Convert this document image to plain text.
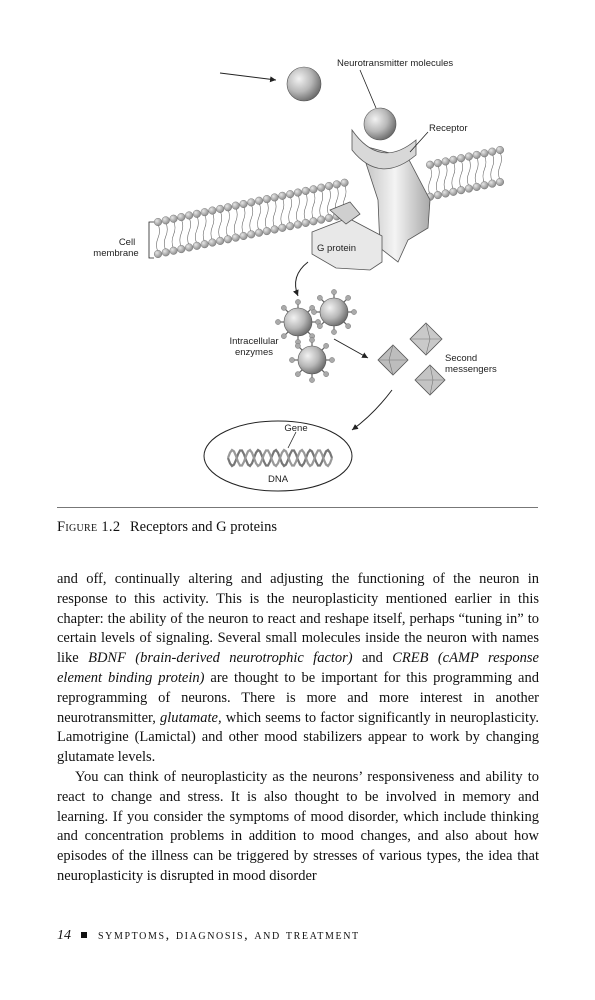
Neurotransmitter molecules
Receptor
Cell
membrane	G protein
Intracellular
enzymes
Second
messengers
Gene
DNA
Figure 1.2 Receptors and G proteins

and off, continually altering and adjusting the functioning of the neuron in response to this activity. This is the neuroplasticity mentioned earlier in this chapter: the ability of the neuron to react and reshape itself, perhaps “tuning in” to certain levels of signaling. Several small molecules inside the neuron with names like BDNF (brain-derived neurotrophic factor) and CREB (cAMP response element binding protein) are thought to be important for this programming and reprogramming of neurons. There is more and more interest in another neurotransmitter, glutamate, which seems to factor significantly in neuroplasticity. Lamotrigine (Lamictal) and other mood stabilizers appear to work by changing glutamate levels.

You can think of neuroplasticity as the neurons’ responsiveness and ability to react to change and stress. It is also thought to be involved in memory and learning. If you consider the symptoms of mood disorder, which include thinking and concentration problems in addition to mood changes, and also about how episodes of the illness can be triggered by stresses of various types, the idea that neuroplasticity is disrupted in mood disorder

14 symptoms, diagnosis, and treatment
